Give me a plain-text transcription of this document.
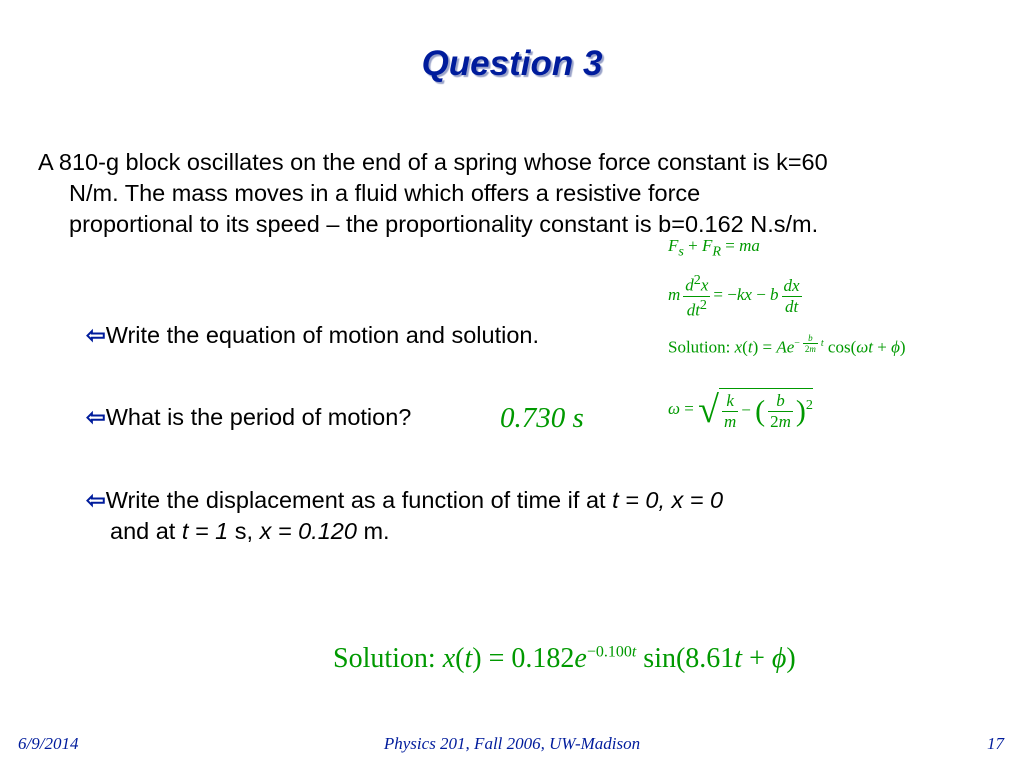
Question 3
A 810-g block oscillates on the end of a spring whose force constant is k=60 N/m. The mass moves in a fluid which offers a resistive force proportional to its speed – the proportionality constant is b=0.162 N.s/m.
⇦Write the equation of motion and solution.
⇦What is the period of motion?	0.730 s
⇦Write the displacement as a function of time if at t = 0, x = 0 and at t = 1 s, x = 0.120 m.
$F_s + F_R$ = ma
m $\frac{d^2x}{dt^2} = -kx - b \frac{dx}{dt}$
Solution: $x(t) = Ae^{- \frac{b}{2m} t}$ cos(ωt + ϕ)
ω = √ $\frac{k}{m}$ − ( $\frac{b}{2m} )^2$
Solution: $x(t) = 0.182e^{-0.100t}$ sin(8.61t + ϕ)
6/9/2014	Physics 201, Fall 2006, UW-Madison	17
